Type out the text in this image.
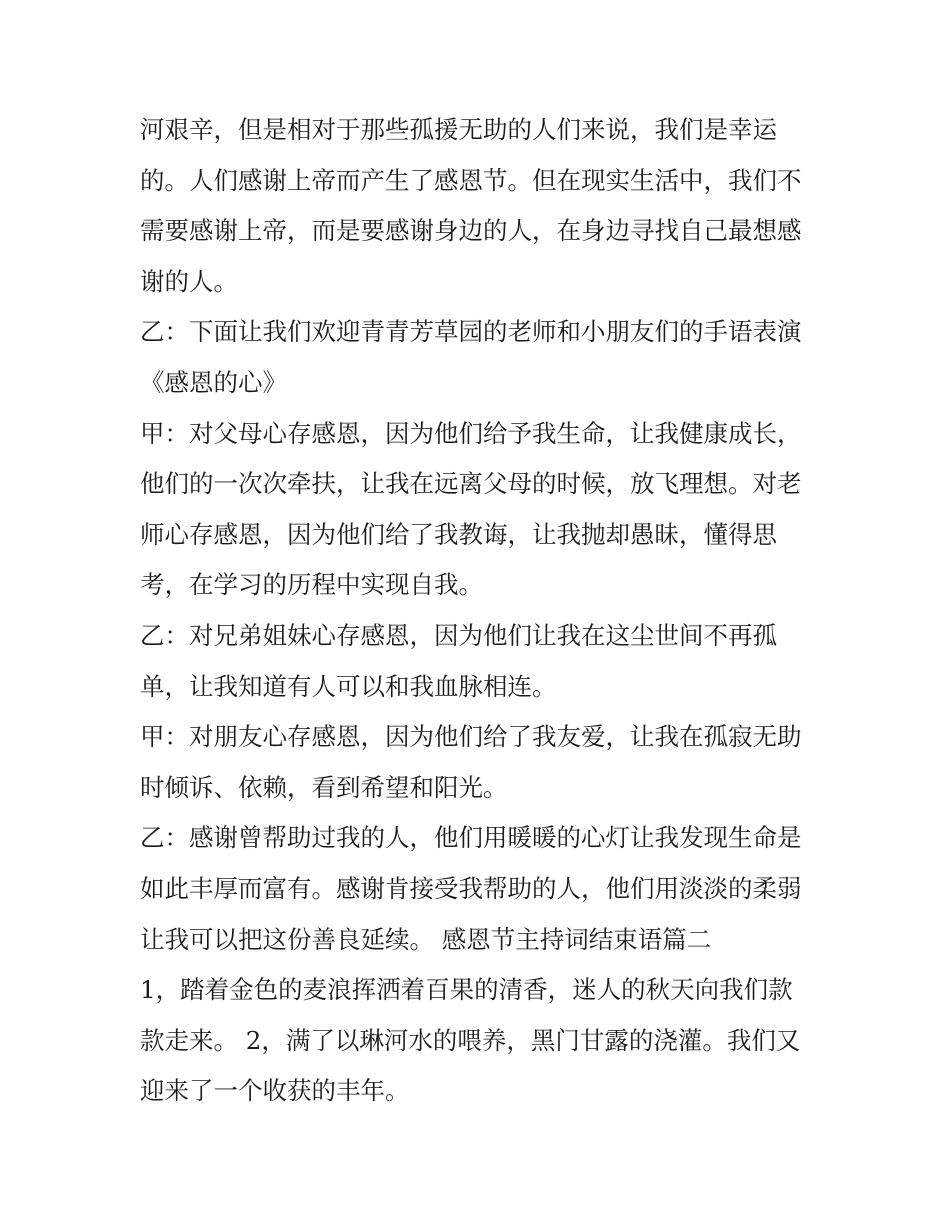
河艰辛，但是相对于那些孤援无助的人们来说，我们是幸运
的。人们感谢上帝而产生了感恩节。但在现实生活中，我们不
需要感谢上帝，而是要感谢身边的人，在身边寻找自己最想感
谢的人。
乙：下面让我们欢迎青青芳草园的老师和小朋友们的手语表演
《感恩的心》
甲：对父母心存感恩，因为他们给予我生命，让我健康成长，
他们的一次次牵扶，让我在远离父母的时候，放飞理想。对老
师心存感恩，因为他们给了我教诲，让我抛却愚昧，懂得思
考，在学习的历程中实现自我。
乙：对兄弟姐妹心存感恩，因为他们让我在这尘世间不再孤
单，让我知道有人可以和我血脉相连。
甲：对朋友心存感恩，因为他们给了我友爱，让我在孤寂无助
时倾诉、依赖，看到希望和阳光。
乙：感谢曾帮助过我的人，他们用暖暖的心灯让我发现生命是
如此丰厚而富有。感谢肯接受我帮助的人，他们用淡淡的柔弱
让我可以把这份善良延续。 感恩节主持词结束语篇二
1，踏着金色的麦浪挥洒着百果的清香，迷人的秋天向我们款
款走来。 2，满了以琳河水的喂养，黑门甘露的浇灌。我们又
迎来了一个收获的丰年。
